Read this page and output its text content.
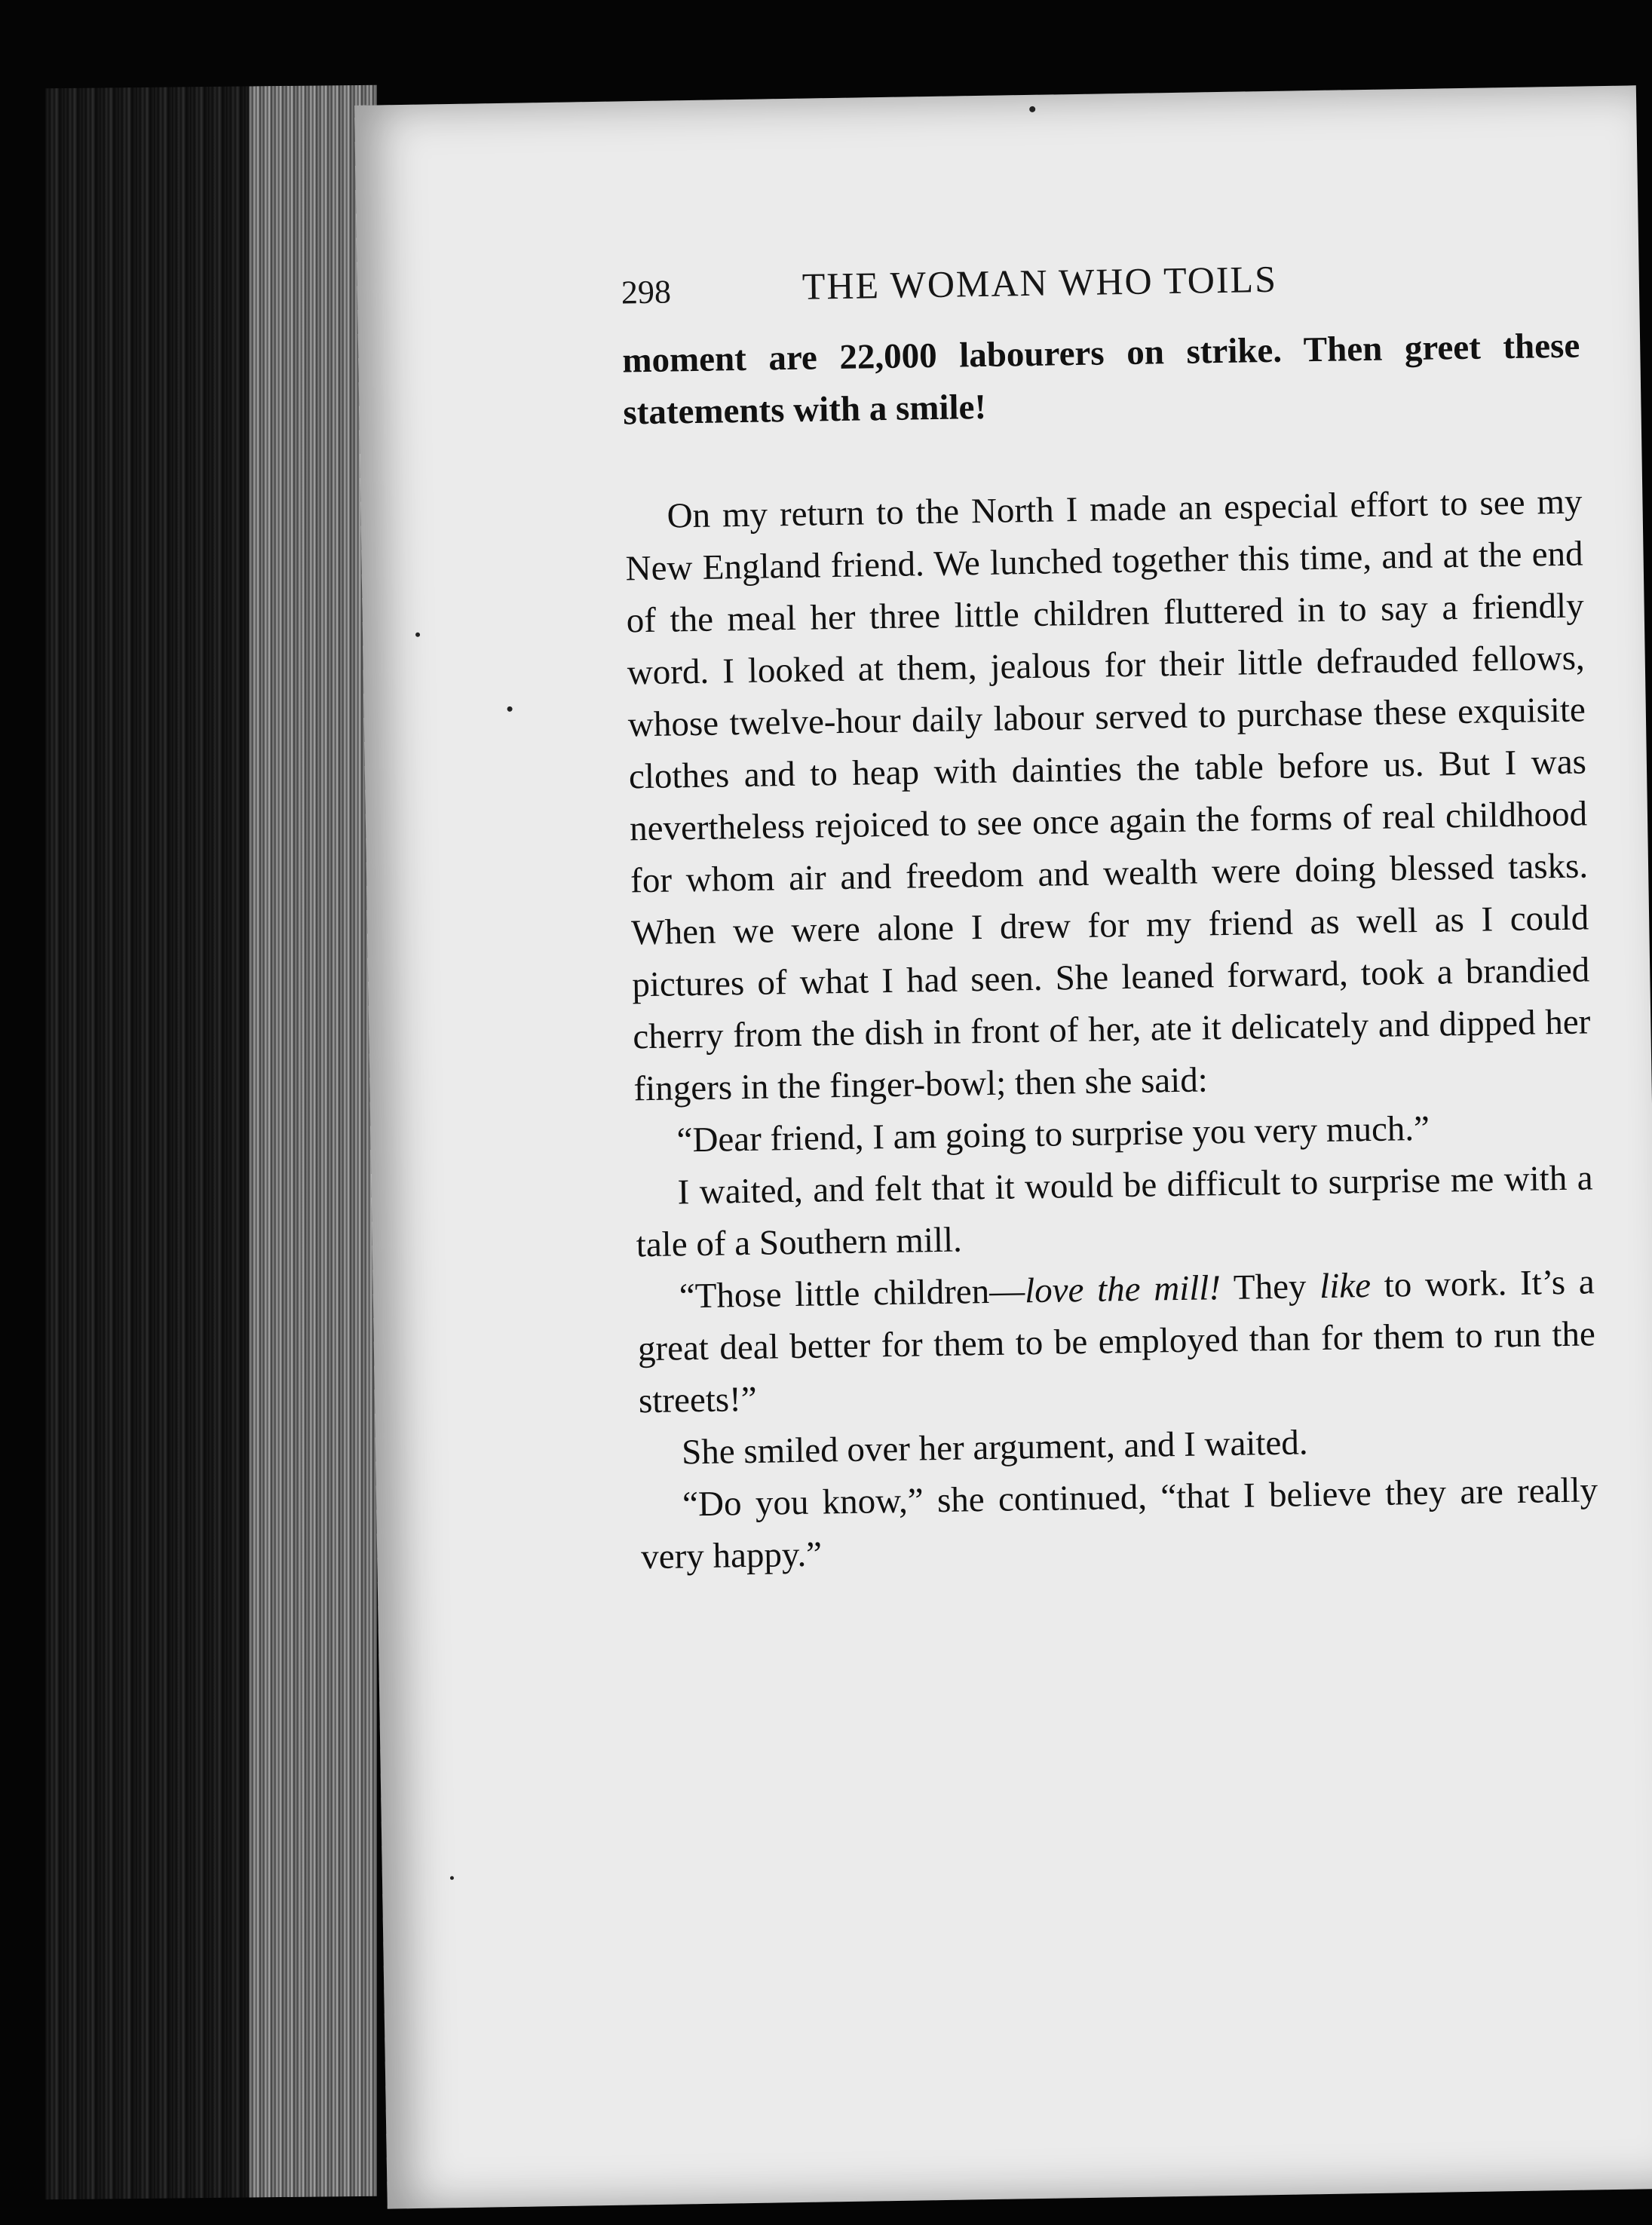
298	THE WOMAN WHO TOILS

moment are 22,000 labourers on strike. Then greet these statements with a smile!

On my return to the North I made an especial effort to see my New England friend. We lunched together this time, and at the end of the meal her three little children fluttered in to say a friendly word. I looked at them, jealous for their little defrauded fellows, whose twelve-hour daily labour served to purchase these exquisite clothes and to heap with dainties the table before us. But I was nevertheless rejoiced to see once again the forms of real childhood for whom air and freedom and wealth were doing blessed tasks. When we were alone I drew for my friend as well as I could pictures of what I had seen. She leaned forward, took a brandied cherry from the dish in front of her, ate it delicately and dipped her fingers in the finger-bowl; then she said:

“Dear friend, I am going to surprise you very much.”

I waited, and felt that it would be difficult to surprise me with a tale of a Southern mill.

“Those little children—love the mill! They like to work. It’s a great deal better for them to be employed than for them to run the streets!”

She smiled over her argument, and I waited.

“Do you know,” she continued, “that I believe they are really very happy.”
